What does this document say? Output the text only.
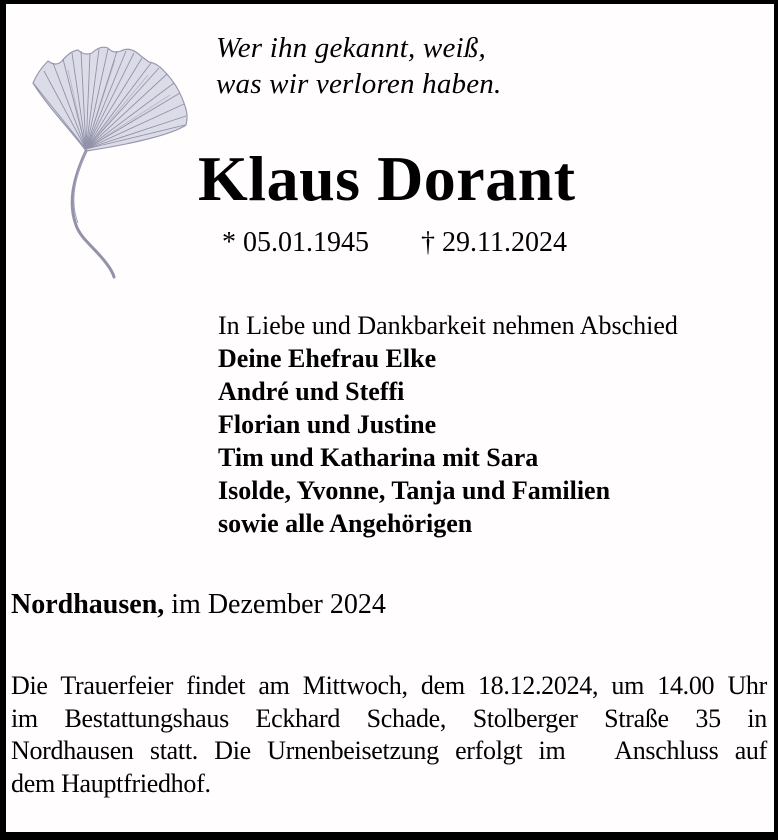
Wer ihn gekannt, weiß,
was wir verloren haben.
Klaus Dorant
* 05.01.1945 † 29.11.2024
In Liebe und Dankbarkeit nehmen Abschied
Deine Ehefrau Elke
André und Steffi
Florian und Justine
Tim und Katharina mit Sara
Isolde, Yvonne, Tanja und Familien
sowie alle Angehörigen
Nordhausen, im Dezember 2024
Die Trauerfeier findet am Mittwoch, dem 18.12.2024, um 14.00 Uhr
im Bestattungshaus Eckhard Schade, Stolberger Straße 35 in
Nordhausen statt. Die Urnenbeisetzung erfolgt im   Anschluss auf
dem Hauptfriedhof.
